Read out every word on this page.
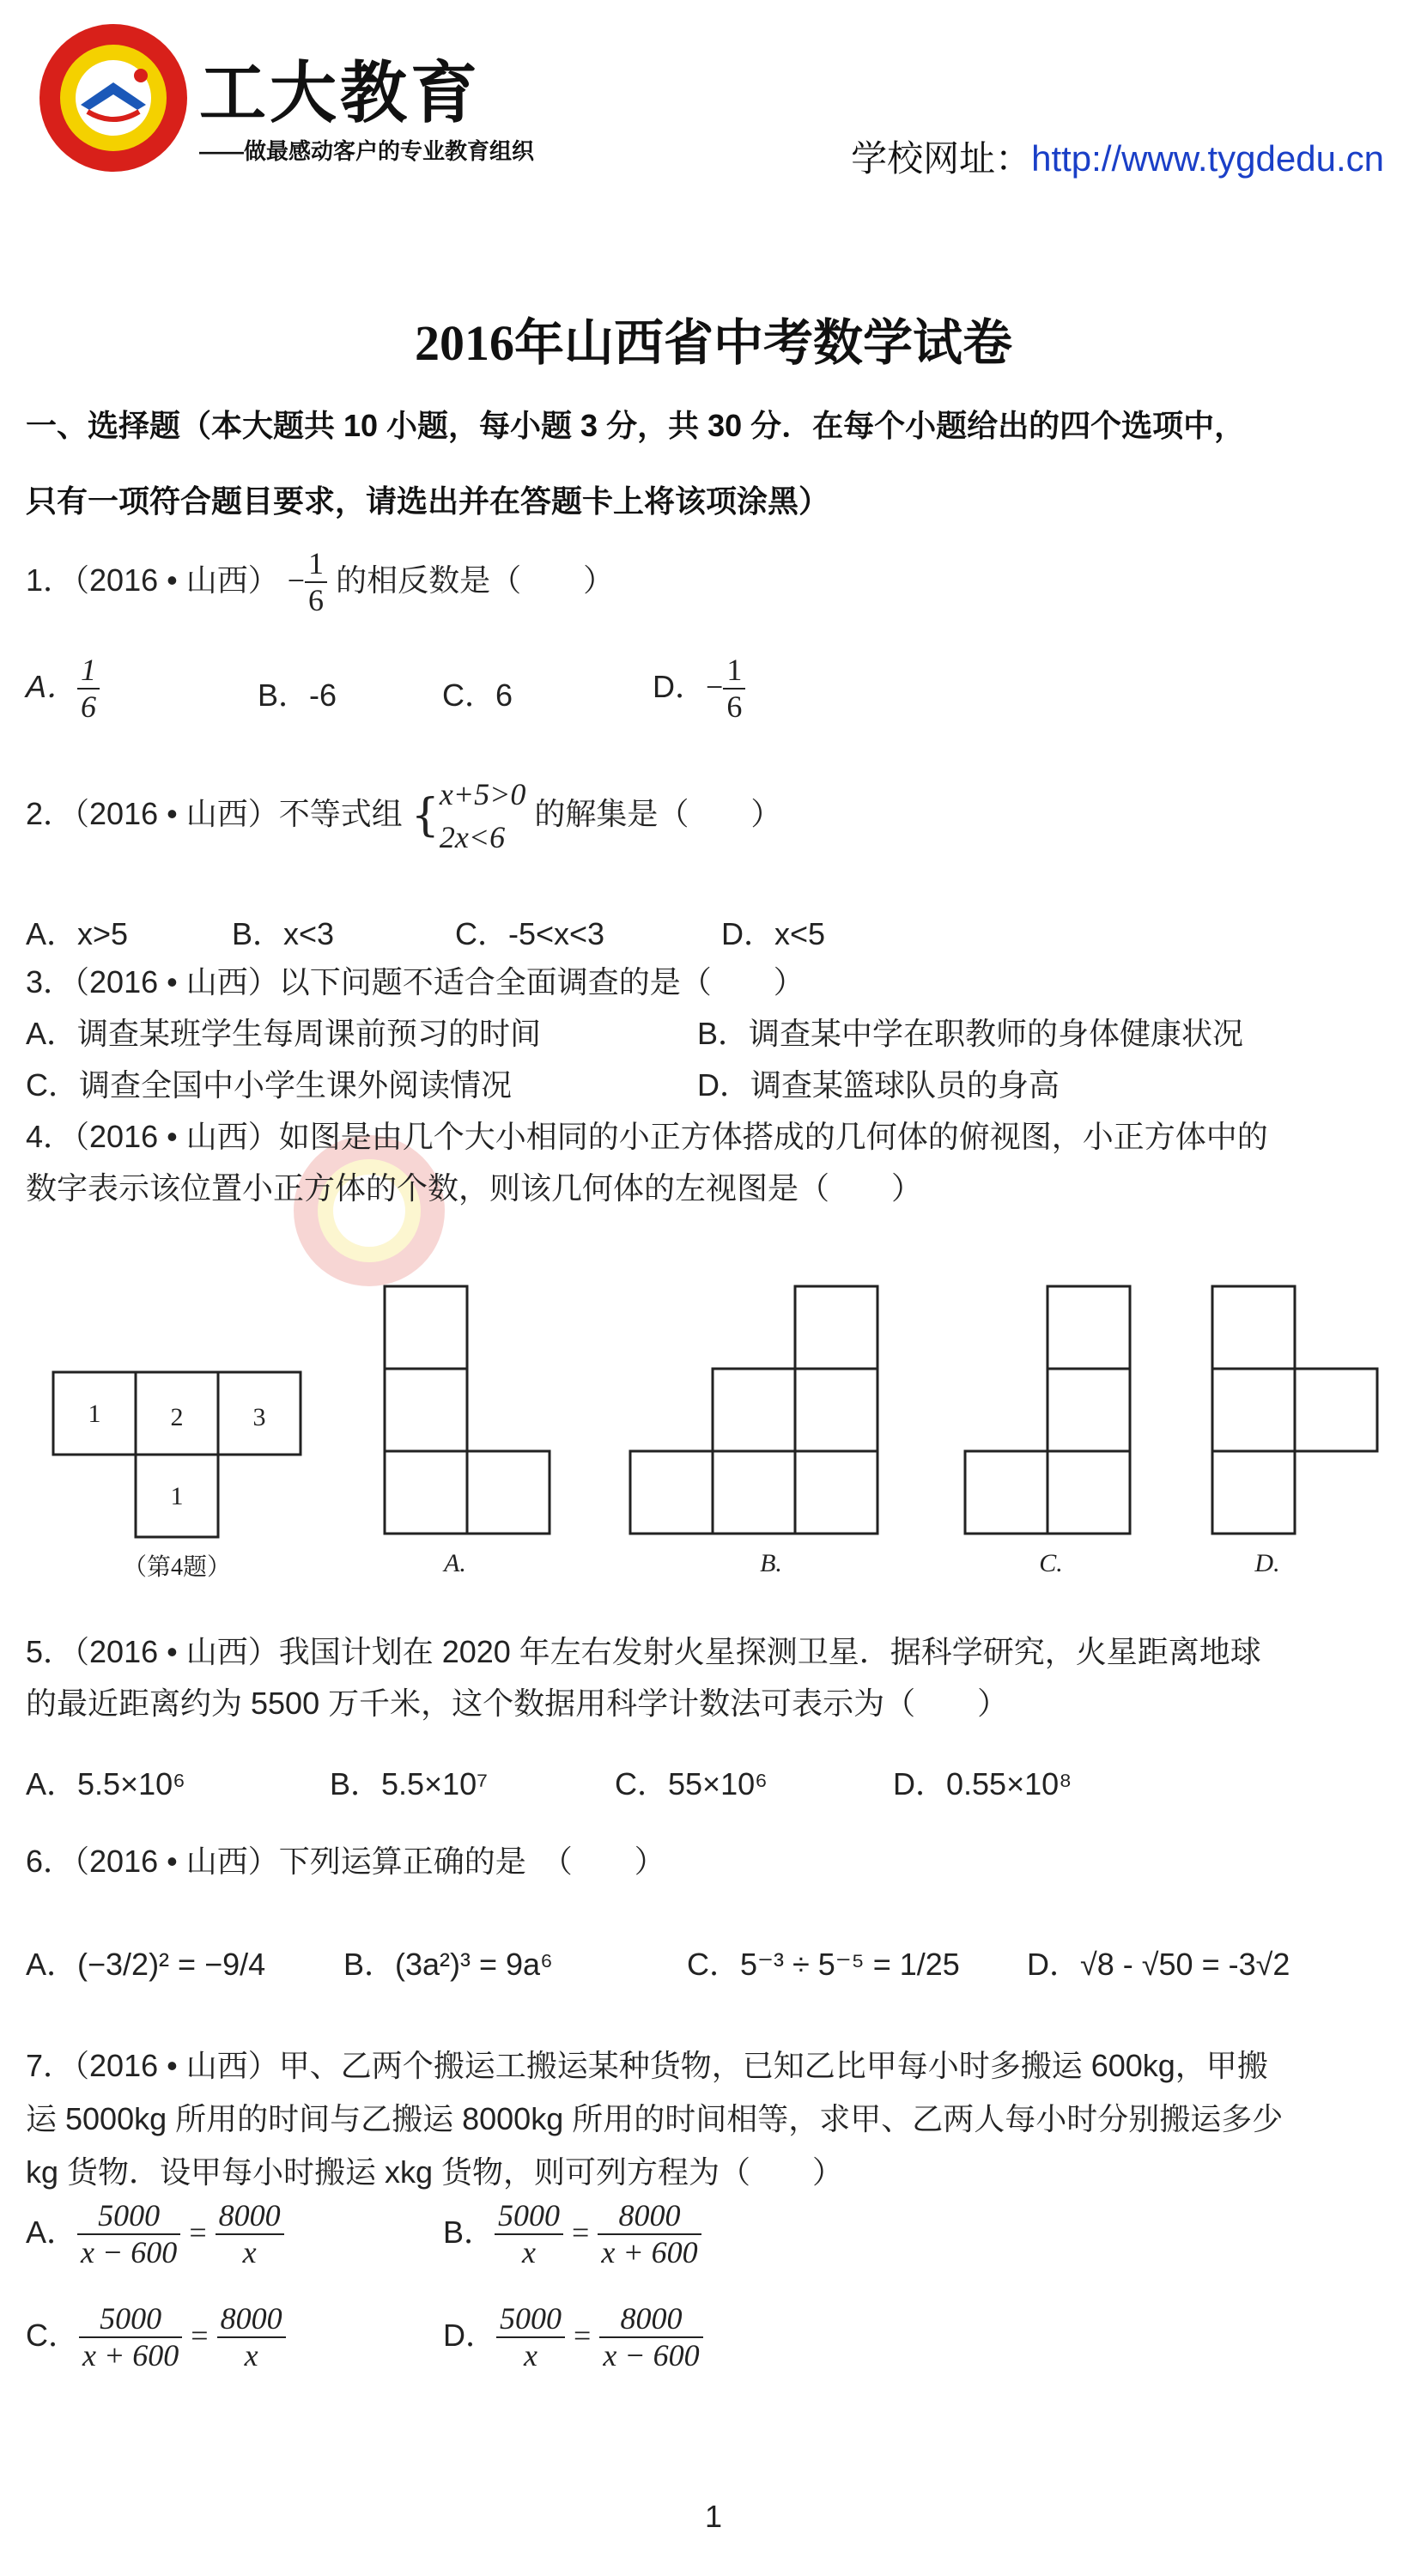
工大教育
——做最感动客户的专业教育组织	学校网址：http://www.tygdedu.cn
2016年山西省中考数学试卷
一、选择题（本大题共 10 小题，每小题 3 分，共 30 分．在每个小题给出的四个选项中，
只有一项符合题目要求，请选出并在答题卡上将该项涂黑）
1．（2016 • 山西） − $\frac{1}{6}$ 的相反数是（　　）
A． $\frac{1}{6}$	B．-6	C．6	D．− $\frac{1}{6}$
2．（2016 • 山西）不等式组 { x+5>0
2x<6
的解集是（　　）
A．x>5	B．x<3	C．-5<x<3	D．x<5
3．（2016 • 山西）以下问题不适合全面调查的是（　　）
A．调查某班学生每周课前预习的时间	B．调查某中学在职教师的身体健康状况
C．调查全国中小学生课外阅读情况	D．调查某篮球队员的身高
4．（2016 • 山西）如图是由几个大小相同的小正方体搭成的几何体的俯视图，小正方体中的
数字表示该位置小正方体的个数，则该几何体的左视图是（　　）
1	2	3
1
（第4题）	A.	B.	C.	D.
5．（2016 • 山西）我国计划在 2020 年左右发射火星探测卫星．据科学研究，火星距离地球
的最近距离约为 5500 万千米，这个数据用科学计数法可表示为（　　）
A．5.5×10⁶	B．5.5×10⁷	C．55×10⁶	D．0.55×10⁸
6．（2016 • 山西）下列运算正确的是　（　　）
A．(−3/2)² = −9/4	B．(3a²)³ = 9a⁶	C．5⁻³ ÷ 5⁻⁵ = 1/25 D．√8 - √50 = -3√2
7．（2016 • 山西）甲、乙两个搬运工搬运某种货物，已知乙比甲每小时多搬运 600kg，甲搬
运 5000kg 所用的时间与乙搬运 8000kg 所用的时间相等，求甲、乙两人每小时分别搬运多少
kg 货物．设甲每小时搬运 xkg 货物，则可列方程为（　　）
A． $\frac{5000}{x - 600} = \frac{8000}{x}$	B． $\frac{5000}{x} = \frac{8000}{x + 600}$
C． $\frac{5000}{x + 600} = \frac{8000}{x}$	D． $\frac{5000}{x} = \frac{8000}{x - 600}$
1
